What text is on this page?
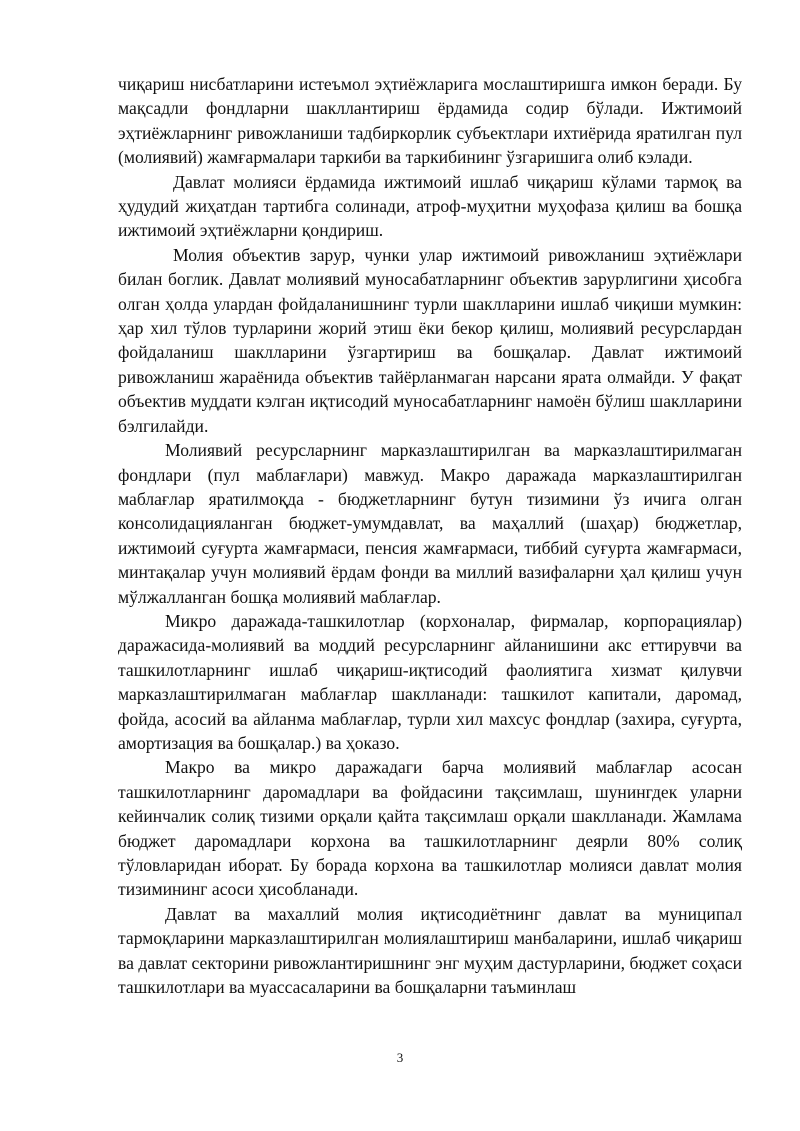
чиқариш нисбатларини истеъмол эҳтиёжларига мослаштиришга имкон беради. Бу мақсадли фондларни шакллантириш ёрдамида содир бўлади. Ижтимоий эҳтиёжларнинг ривожланиши тадбиркорлик субъектлари ихтиёрида яратилган пул (молиявий) жамғармалари таркиби ва таркибининг ўзгаришига олиб кэлади.

Давлат молияси ёрдамида ижтимоий ишлаб чиқариш кўлами тармоқ ва ҳудудий жиҳатдан тартибга солинади, атроф-муҳитни муҳофаза қилиш ва бошқа ижтимоий эҳтиёжларни қондириш.

Молия объектив зарур, чунки улар ижтимоий ривожланиш эҳтиёжлари билан боглик. Давлат молиявий муносабатларнинг объектив зарурлигини ҳисобга олган ҳолда улардан фойдаланишнинг турли шаклларини ишлаб чиқиши мумкин: ҳар хил тўлов турларини жорий этиш ёки бекор қилиш, молиявий ресурслардан фойдаланиш шаклларини ўзгартириш ва бошқалар. Давлат ижтимоий ривожланиш жараёнида объектив тайёрланмаган нарсани ярата олмайди. У фақат объектив муддати кэлган иқтисодий муносабатларнинг намоён бўлиш шаклларини бэлгилайди.

Молиявий ресурсларнинг марказлаштирилган ва марказлаштирилмаган фондлари (пул маблағлари) мавжуд. Макро даражада марказлаштирилган маблағлар яратилмоқда - бюджетларнинг бутун тизимини ўз ичига олган консолидацияланган бюджет-умумдавлат, ва маҳаллий (шаҳар) бюджетлар, ижтимоий суғурта жамғармаси, пенсия жамғармаси, тиббий суғурта жамғармаси, минтақалар учун молиявий ёрдам фонди ва миллий вазифаларни ҳал қилиш учун мўлжалланган бошқа молиявий маблағлар.

Микро даражада-ташкилотлар (корхоналар, фирмалар, корпорациялар) даражасида-молиявий ва моддий ресурсларнинг айланишини акс еттирувчи ва ташкилотларнинг ишлаб чиқариш-иқтисодий фаолиятига хизмат қилувчи марказлаштирилмаган маблағлар шаклланади: ташкилот капитали, даромад, фойда, асосий ва айланма маблағлар, турли хил махсус фондлар (захира, суғурта, амортизация ва бошқалар.) ва ҳоказо.

Макро ва микро даражадаги барча молиявий маблағлар асосан ташкилотларнинг даромадлари ва фойдасини тақсимлаш, шунингдек уларни кейинчалик солиқ тизими орқали қайта тақсимлаш орқали шаклланади. Жамлама бюджет даромадлари корхона ва ташкилотларнинг деярли 80% солиқ тўловларидан иборат. Бу борада корхона ва ташкилотлар молияси давлат молия тизимининг асоси ҳисобланади.

Давлат ва махаллий молия иқтисодиётнинг давлат ва муниципал тармоқларини марказлаштирилган молиялаштириш манбаларини, ишлаб чиқариш ва давлат секторини ривожлантиришнинг энг муҳим дастурларини, бюджет соҳаси ташкилотлари ва муассасаларини ва бошқаларни таъминлаш

3
